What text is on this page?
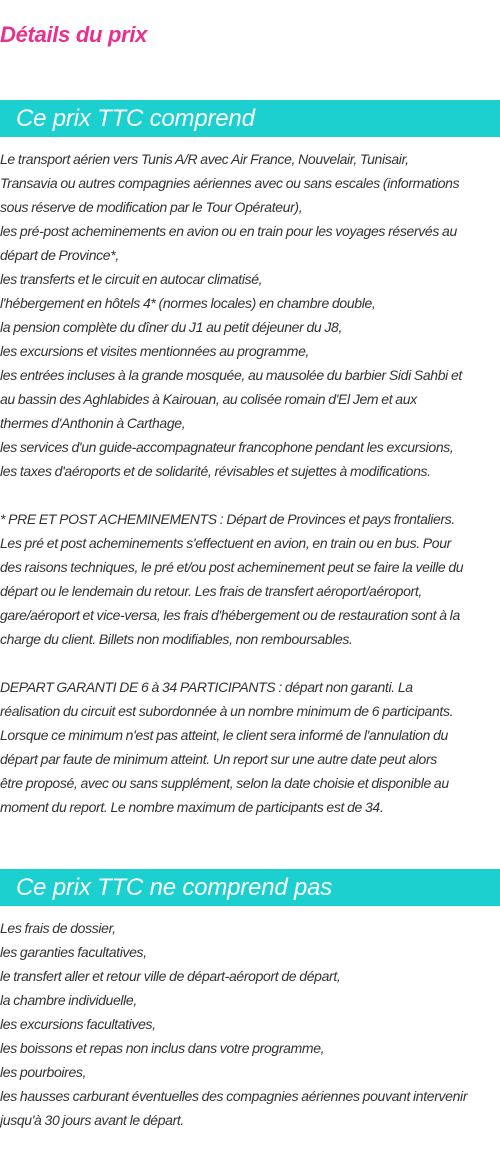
Détails du prix
Ce prix TTC comprend
Le transport aérien vers Tunis A/R avec Air France, Nouvelair, Tunisair,
Transavia ou autres compagnies aériennes avec ou sans escales (informations
sous réserve de modification par le Tour Opérateur),
les pré-post acheminements en avion ou en train pour les voyages réservés au
départ de Province*,
les transferts et le circuit en autocar climatisé,
l'hébergement en hôtels 4* (normes locales) en chambre double,
la pension complète du dîner du J1 au petit déjeuner du J8,
les excursions et visites mentionnées au programme,
les entrées incluses à la grande mosquée, au mausolée du barbier Sidi Sahbi et
au bassin des Aghlabides à Kairouan, au colisée romain d'El Jem et aux
thermes d'Anthonin à Carthage,
les services d'un guide-accompagnateur francophone pendant les excursions,
les taxes d'aéroports et de solidarité, révisables et sujettes à modifications.
* PRE ET POST ACHEMINEMENTS : Départ de Provinces et pays frontaliers.
Les pré et post acheminements s'effectuent en avion, en train ou en bus. Pour
des raisons techniques, le pré et/ou post acheminement peut se faire la veille du
départ ou le lendemain du retour. Les frais de transfert aéroport/aéroport,
gare/aéroport et vice-versa, les frais d'hébergement ou de restauration sont à la
charge du client. Billets non modifiables, non remboursables.
DEPART GARANTI DE 6 à 34 PARTICIPANTS : départ non garanti. La
réalisation du circuit est subordonnée à un nombre minimum de 6 participants.
Lorsque ce minimum n'est pas atteint, le client sera informé de l'annulation du
départ par faute de minimum atteint. Un report sur une autre date peut alors
être proposé, avec ou sans supplément, selon la date choisie et disponible au
moment du report. Le nombre maximum de participants est de 34.
Ce prix TTC ne comprend pas
Les frais de dossier,
les garanties facultatives,
le transfert aller et retour ville de départ-aéroport de départ,
la chambre individuelle,
les excursions facultatives,
les boissons et repas non inclus dans votre programme,
les pourboires,
les hausses carburant éventuelles des compagnies aériennes pouvant intervenir
jusqu'à 30 jours avant le départ.
